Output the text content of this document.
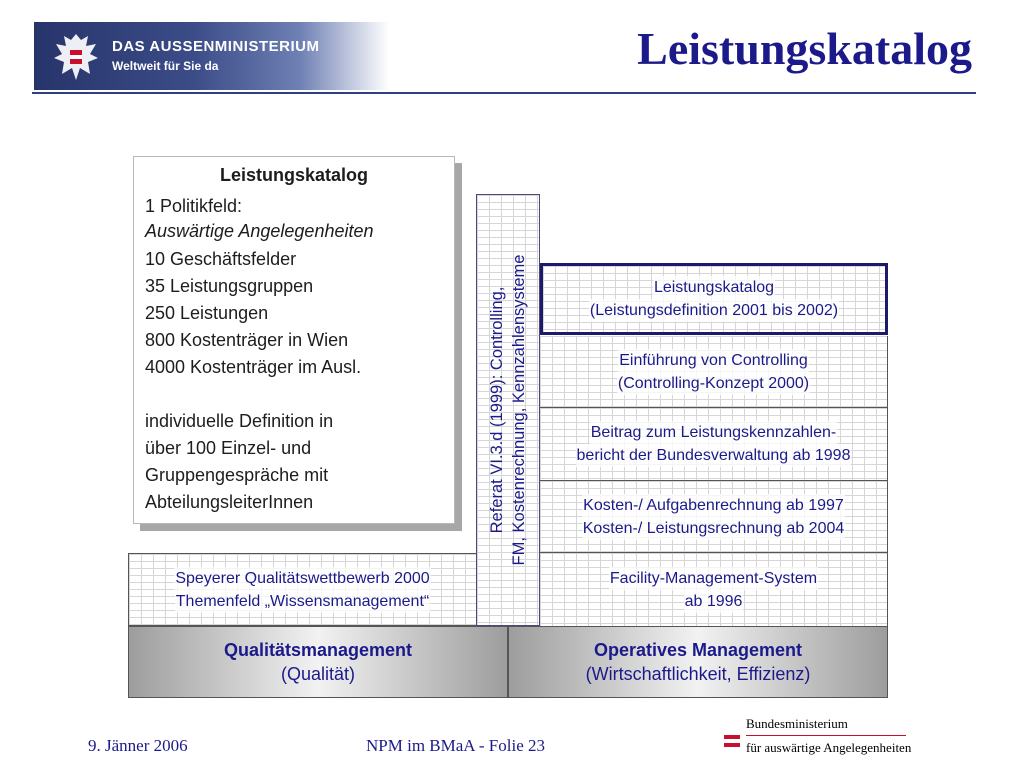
DAS AUSSENMINISTERIUM
Weltweit für Sie da	Leistungskatalog
Leistungskatalog
1 Politikfeld:
Auswärtige Angelegenheiten
10 Geschäftsfelder
35 Leistungsgruppen
250 Leistungen
800 Kostenträger in Wien
4000 Kostenträger im Ausl.
individuelle Definition in
über 100 Einzel- und
Gruppengespräche mit
AbteilungsleiterInnen	Referat VI.3.d (1999): Controlling, FM, Kostenrechnung, Kennzahlensysteme	Leistungskatalog
(Leistungsdefinition 2001 bis 2002)
Einführung von Controlling
(Controlling-Konzept 2000)
Beitrag zum Leistungskennzahlen-
bericht der Bundesverwaltung ab 1998
Kosten-/ Aufgabenrechnung ab 1997
Kosten-/ Leistungsrechnung ab 2004
Facility-Management-System
ab 1996
Speyerer Qualitätswettbewerb 2000
Themenfeld „Wissensmanagement“
Qualitätsmanagement
(Qualität)
Operatives Management
(Wirtschaftlichkeit, Effizienz)
9. Jänner 2006	NPM im BMaA - Folie 23
Bundesministerium
für auswärtige Angelegenheiten
